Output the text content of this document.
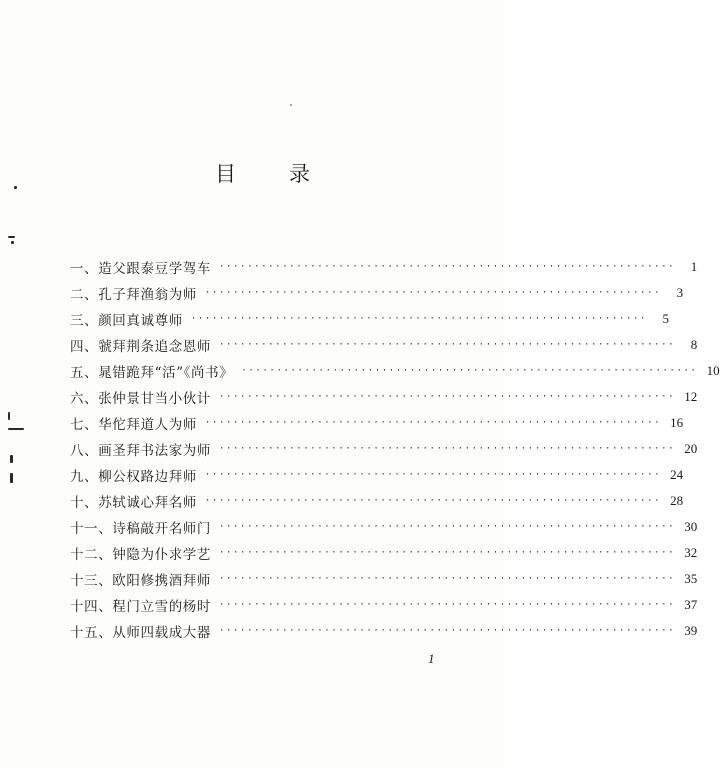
目	录
一、造父跟泰豆学驾车 ·································································	1
二、孔子拜渔翁为师 ·································································	3
三、颜回真诚尊师 ·································································	5
四、虢拜荆条追念恩师 ·································································	8
五、晁错跪拜“活”《尚书》 ································································· 10
六、张仲景甘当小伙计 ································································· 12
七、华佗拜道人为师 ································································· 16
八、画圣拜书法家为师 ································································· 20
九、柳公权路边拜师 ································································· 24
十、苏轼诚心拜名师 ································································· 28
十一、诗稿敲开名师门 ································································· 30
十二、钟隐为仆求学艺 ································································· 32
十三、欧阳修携酒拜师 ································································· 35
十四、程门立雪的杨时 ································································· 37
十五、从师四载成大器 ································································· 39
1
